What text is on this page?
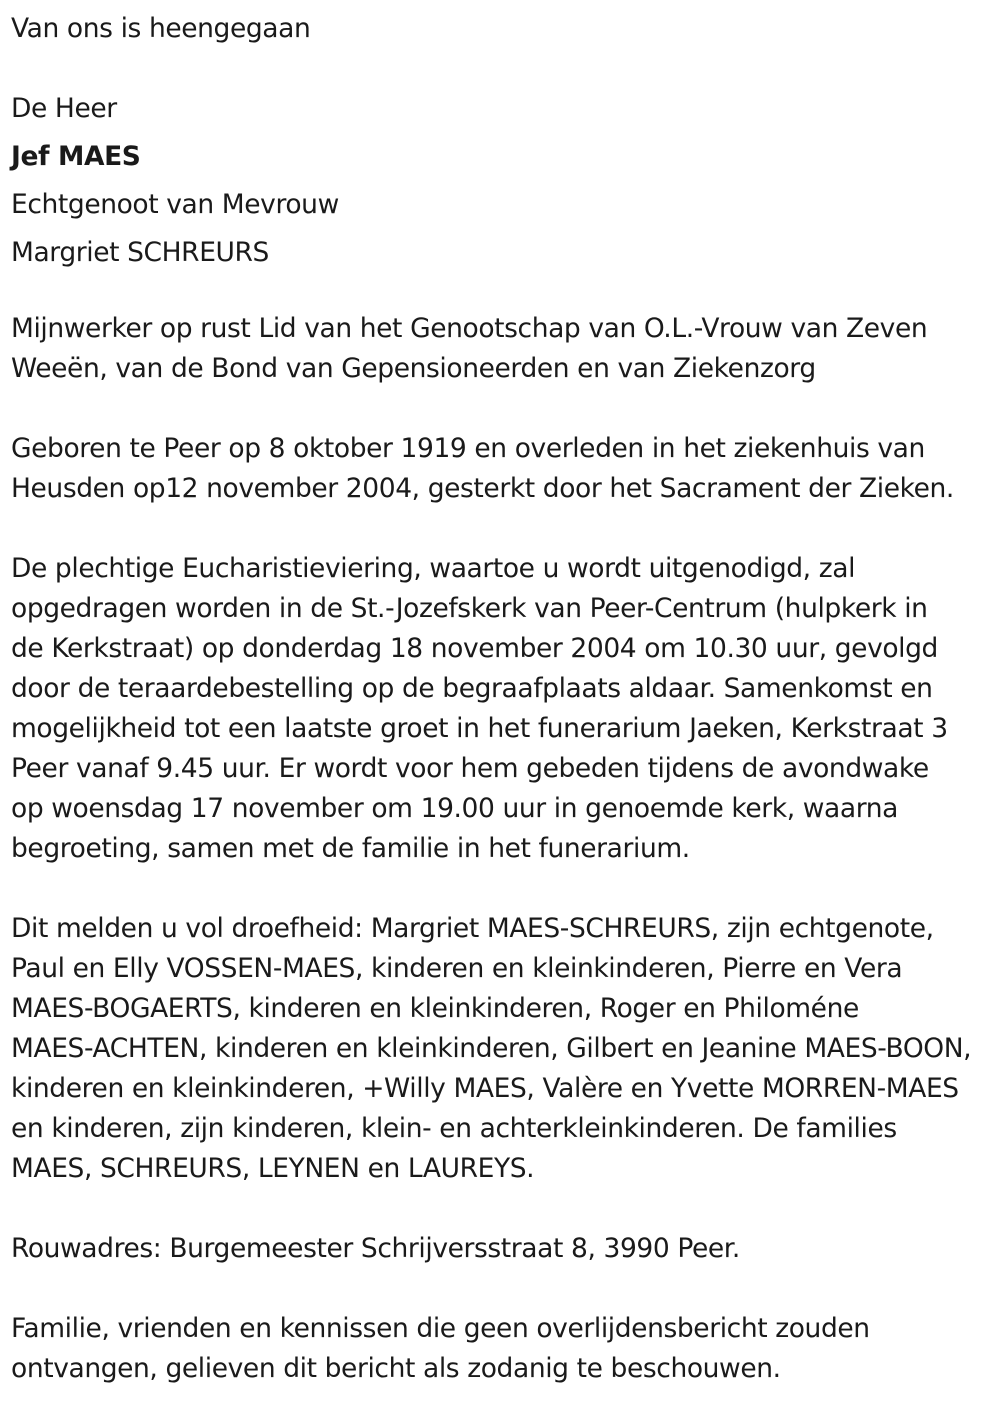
Van ons is heengegaan
De Heer
Jef MAES
Echtgenoot van Mevrouw
Margriet SCHREURS
Mijnwerker op rust Lid van het Genootschap van O.L.-Vrouw van Zeven
Weeën, van de Bond van Gepensioneerden en van Ziekenzorg
Geboren te Peer op 8 oktober 1919 en overleden in het ziekenhuis van
Heusden op12 november 2004, gesterkt door het Sacrament der Zieken.
De plechtige Eucharistieviering, waartoe u wordt uitgenodigd, zal
opgedragen worden in de St.-Jozefskerk van Peer-Centrum (hulpkerk in
de Kerkstraat) op donderdag 18 november 2004 om 10.30 uur, gevolgd
door de teraardebestelling op de begraafplaats aldaar. Samenkomst en
mogelijkheid tot een laatste groet in het funerarium Jaeken, Kerkstraat 3
Peer vanaf 9.45 uur. Er wordt voor hem gebeden tijdens de avondwake
op woensdag 17 november om 19.00 uur in genoemde kerk, waarna
begroeting, samen met de familie in het funerarium.
Dit melden u vol droefheid: Margriet MAES-SCHREURS, zijn echtgenote,
Paul en Elly VOSSEN-MAES, kinderen en kleinkinderen, Pierre en Vera
MAES-BOGAERTS, kinderen en kleinkinderen, Roger en Philoméne
MAES-ACHTEN, kinderen en kleinkinderen, Gilbert en Jeanine MAES-BOON,
kinderen en kleinkinderen, +Willy MAES, Valère en Yvette MORREN-MAES
en kinderen, zijn kinderen, klein- en achterkleinkinderen. De families
MAES, SCHREURS, LEYNEN en LAUREYS.
Rouwadres: Burgemeester Schrijversstraat 8, 3990 Peer.
Familie, vrienden en kennissen die geen overlijdensbericht zouden
ontvangen, gelieven dit bericht als zodanig te beschouwen.
